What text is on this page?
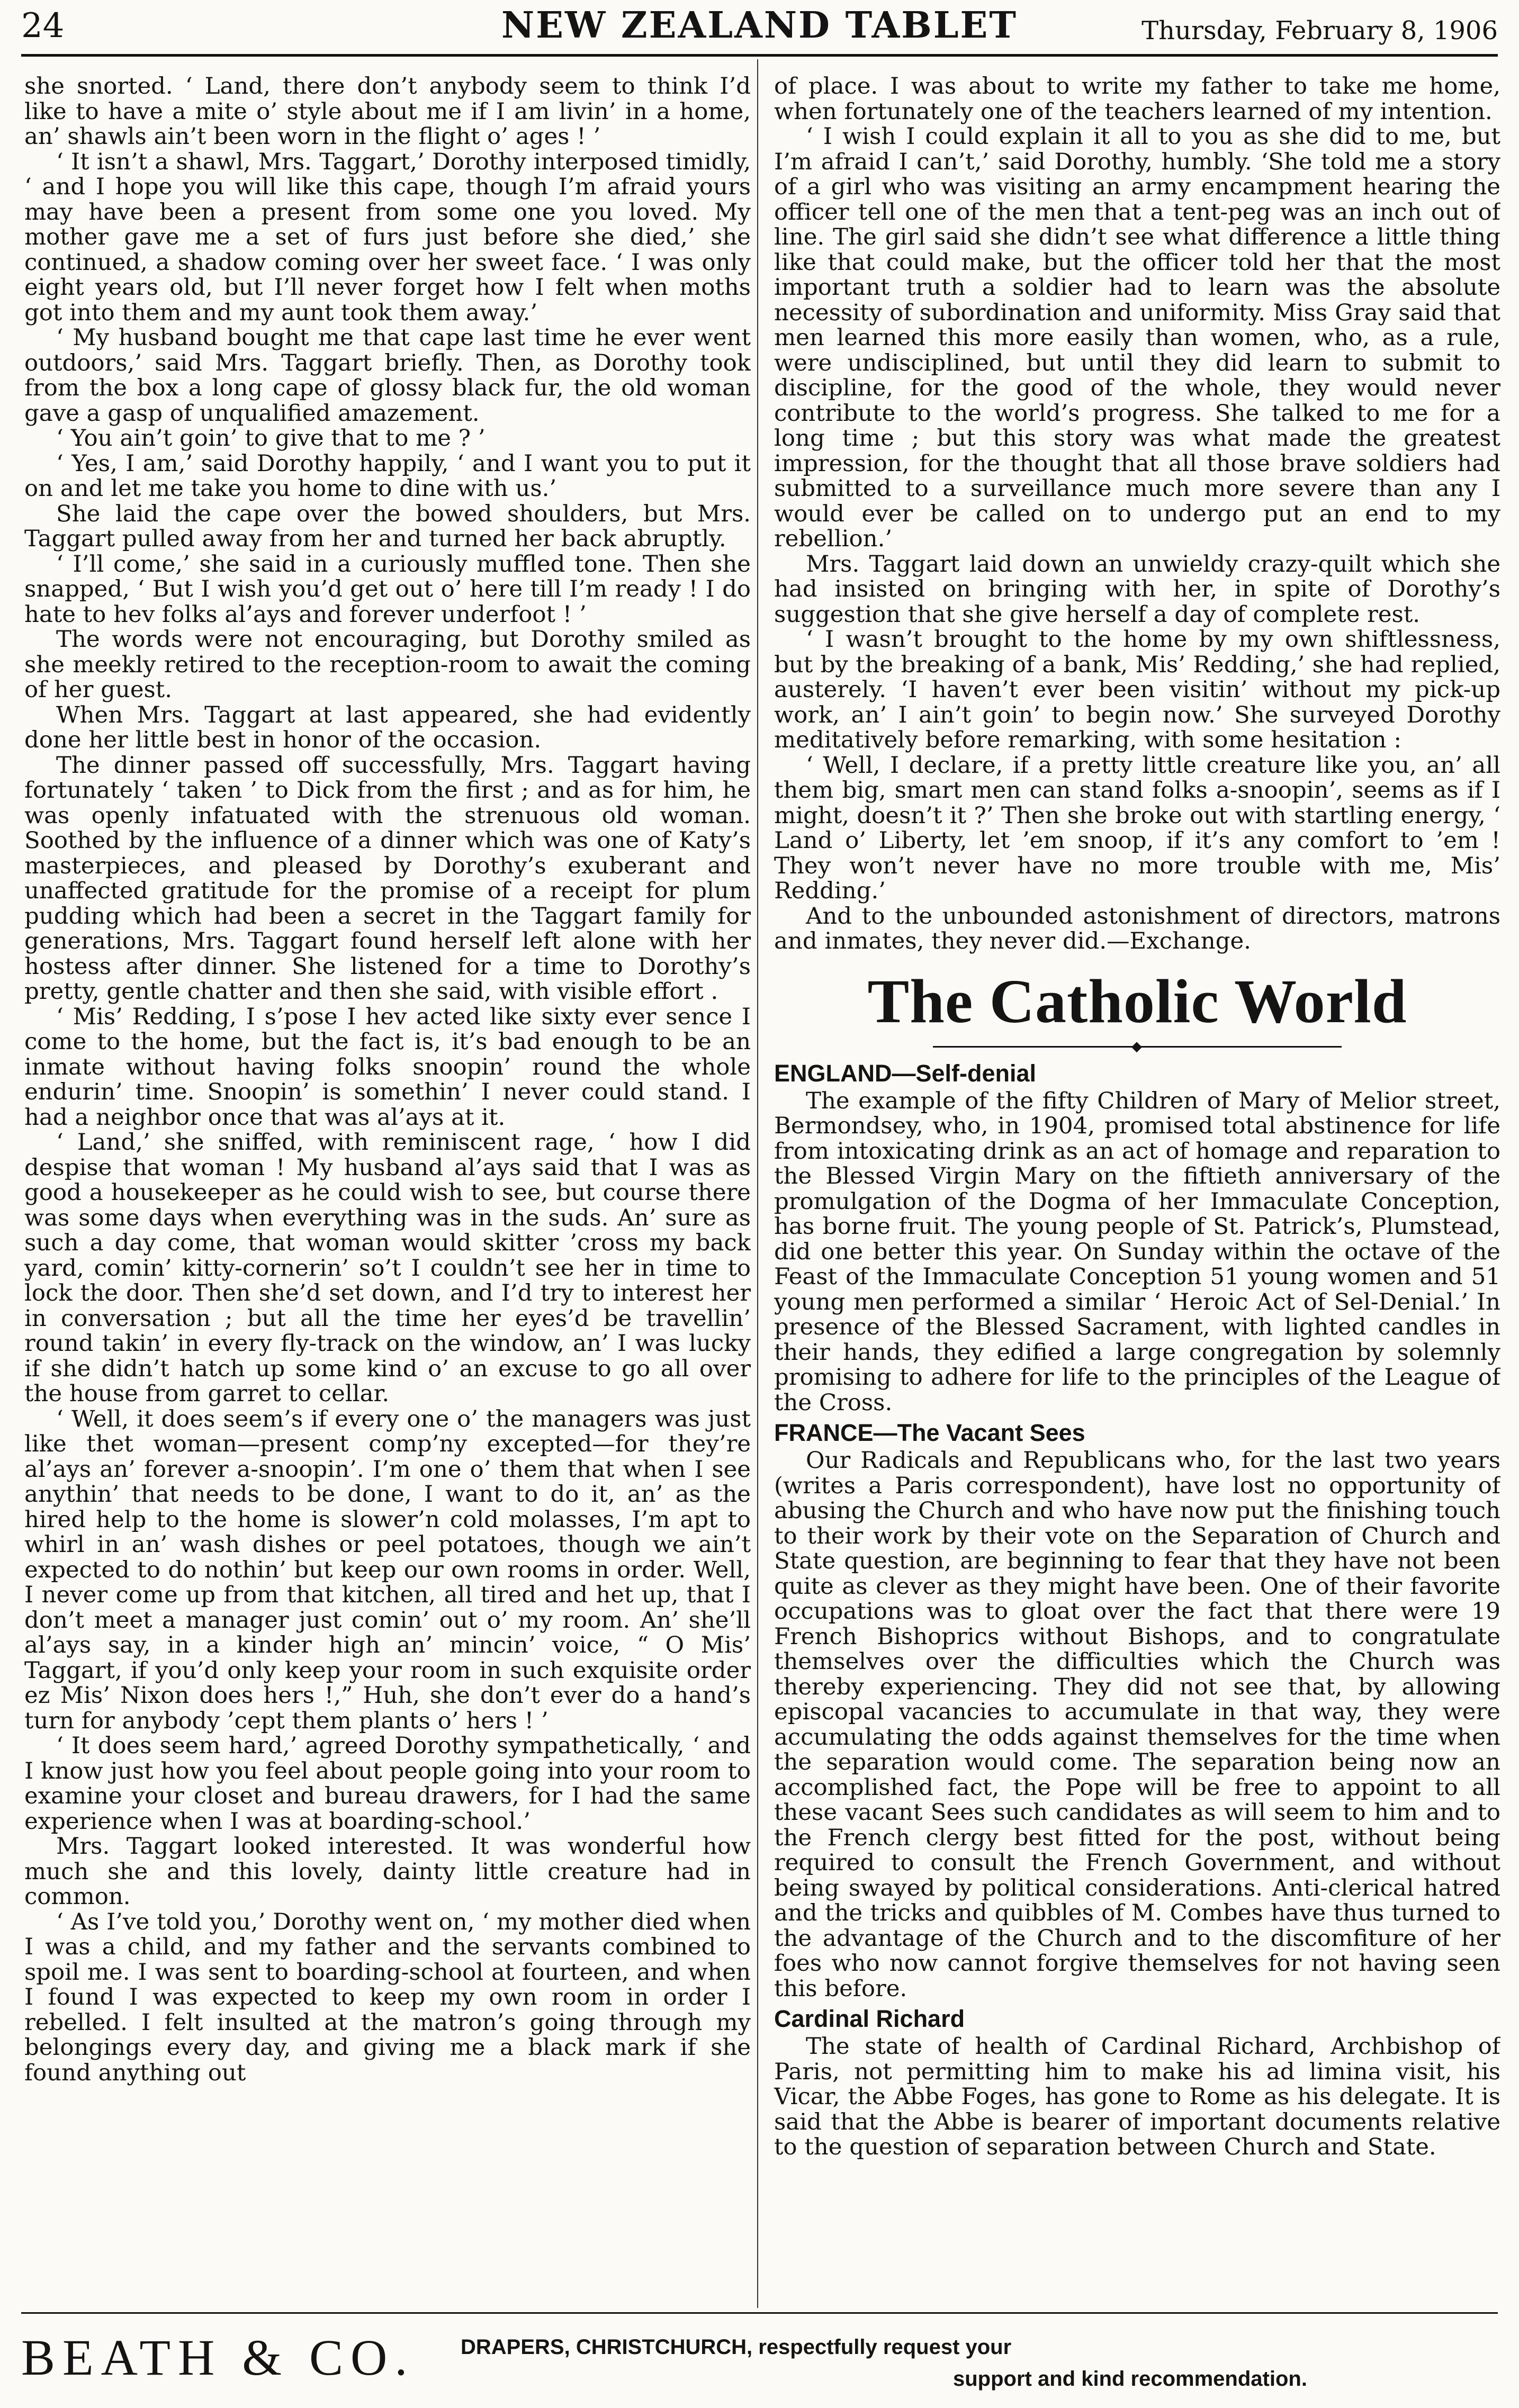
24	NEW ZEALAND TABLET	Thursday, February 8, 1906

she snorted. ‘ Land, there don’t anybody seem to think I’d like to have a mite o’ style about me if I am livin’ in a home, an’ shawls ain’t been worn in the flight o’ ages ! ’

‘ It isn’t a shawl, Mrs. Taggart,’ Dorothy interposed timidly, ‘ and I hope you will like this cape, though I’m afraid yours may have been a present from some one you loved. My mother gave me a set of furs just before she died,’ she continued, a shadow coming over her sweet face. ‘ I was only eight years old, but I’ll never forget how I felt when moths got into them and my aunt took them away.’

‘ My husband bought me that cape last time he ever went outdoors,’ said Mrs. Taggart briefly. Then, as Dorothy took from the box a long cape of glossy black fur, the old woman gave a gasp of unqualified amazement.

‘ You ain’t goin’ to give that to me ? ’

‘ Yes, I am,’ said Dorothy happily, ‘ and I want you to put it on and let me take you home to dine with us.’

She laid the cape over the bowed shoulders, but Mrs. Taggart pulled away from her and turned her back abruptly.

‘ I’ll come,’ she said in a curiously muffled tone. Then she snapped, ‘ But I wish you’d get out o’ here till I’m ready ! I do hate to hev folks al’ays and forever underfoot ! ’

The words were not encouraging, but Dorothy smiled as she meekly retired to the reception-room to await the coming of her guest.

When Mrs. Taggart at last appeared, she had evidently done her little best in honor of the occasion.

The dinner passed off successfully, Mrs. Taggart having fortunately ‘ taken ’ to Dick from the first ; and as for him, he was openly infatuated with the strenuous old woman. Soothed by the influence of a dinner which was one of Katy’s masterpieces, and pleased by Dorothy’s exuberant and unaffected gratitude for the promise of a receipt for plum pudding which had been a secret in the Taggart family for generations, Mrs. Taggart found herself left alone with her hostess after dinner. She listened for a time to Dorothy’s pretty, gentle chatter and then she said, with visible effort .

‘ Mis’ Redding, I s’pose I hev acted like sixty ever sence I come to the home, but the fact is, it’s bad enough to be an inmate without having folks snoopin’ round the whole endurin’ time. Snoopin’ is somethin’ I never could stand. I had a neighbor once that was al’ays at it.

‘ Land,’ she sniffed, with reminiscent rage, ‘ how I did despise that woman ! My husband al’ays said that I was as good a housekeeper as he could wish to see, but course there was some days when everything was in the suds. An’ sure as such a day come, that woman would skitter ’cross my back yard, comin’ kitty-cornerin’ so’t I couldn’t see her in time to lock the door. Then she’d set down, and I’d try to interest her in conversation ; but all the time her eyes’d be travellin’ round takin’ in every fly-track on the window, an’ I was lucky if she didn’t hatch up some kind o’ an excuse to go all over the house from garret to cellar.

‘ Well, it does seem’s if every one o’ the managers was just like thet woman—present comp’ny excepted—for they’re al’ays an’ forever a-snoopin’. I’m one o’ them that when I see anythin’ that needs to be done, I want to do it, an’ as the hired help to the home is slower’n cold molasses, I’m apt to whirl in an’ wash dishes or peel potatoes, though we ain’t expected to do nothin’ but keep our own rooms in order. Well, I never come up from that kitchen, all tired and het up, that I don’t meet a manager just comin’ out o’ my room. An’ she’ll al’ays say, in a kinder high an’ mincin’ voice, “ O Mis’ Taggart, if you’d only keep your room in such exquisite order ez Mis’ Nixon does hers !,” Huh, she don’t ever do a hand’s turn for anybody ’cept them plants o’ hers ! ’

‘ It does seem hard,’ agreed Dorothy sympathetically, ‘ and I know just how you feel about people going into your room to examine your closet and bureau drawers, for I had the same experience when I was at boarding-school.’

Mrs. Taggart looked interested. It was wonderful how much she and this lovely, dainty little creature had in common.

‘ As I’ve told you,’ Dorothy went on, ‘ my mother died when I was a child, and my father and the servants combined to spoil me. I was sent to boarding-school at fourteen, and when I found I was expected to keep my own room in order I rebelled. I felt insulted at the matron’s going through my belongings every day, and giving me a black mark if she found anything out

of place. I was about to write my father to take me home, when fortunately one of the teachers learned of my intention.

‘ I wish I could explain it all to you as she did to me, but I’m afraid I can’t,’ said Dorothy, humbly. ‘She told me a story of a girl who was visiting an army encampment hearing the officer tell one of the men that a tent-peg was an inch out of line. The girl said she didn’t see what difference a little thing like that could make, but the officer told her that the most important truth a soldier had to learn was the absolute necessity of subordination and uniformity. Miss Gray said that men learned this more easily than women, who, as a rule, were undisciplined, but until they did learn to submit to discipline, for the good of the whole, they would never contribute to the world’s progress. She talked to me for a long time ; but this story was what made the greatest impression, for the thought that all those brave soldiers had submitted to a surveillance much more severe than any I would ever be called on to undergo put an end to my rebellion.’

Mrs. Taggart laid down an unwieldy crazy-quilt which she had insisted on bringing with her, in spite of Dorothy’s suggestion that she give herself a day of complete rest.

‘ I wasn’t brought to the home by my own shiftlessness, but by the breaking of a bank, Mis’ Redding,’ she had replied, austerely. ‘I haven’t ever been visitin’ without my pick-up work, an’ I ain’t goin’ to begin now.’ She surveyed Dorothy meditatively before remarking, with some hesitation :

‘ Well, I declare, if a pretty little creature like you, an’ all them big, smart men can stand folks a-snoopin’, seems as if I might, doesn’t it ?’ Then she broke out with startling energy, ‘ Land o’ Liberty, let ’em snoop, if it’s any comfort to ’em ! They won’t never have no more trouble with me, Mis’ Redding.’

And to the unbounded astonishment of directors, matrons and inmates, they never did.—Exchange.

The Catholic World
◆
ENGLAND—Self-denial

The example of the fifty Children of Mary of Melior street, Bermondsey, who, in 1904, promised total abstinence for life from intoxicating drink as an act of homage and reparation to the Blessed Virgin Mary on the fiftieth anniversary of the promulgation of the Dogma of her Immaculate Conception, has borne fruit. The young people of St. Patrick’s, Plumstead, did one better this year. On Sunday within the octave of the Feast of the Immaculate Conception 51 young women and 51 young men performed a similar ‘ Heroic Act of Sel-Denial.’ In presence of the Blessed Sacrament, with lighted candles in their hands, they edified a large congregation by solemnly promising to adhere for life to the principles of the League of the Cross.

FRANCE—The Vacant Sees

Our Radicals and Republicans who, for the last two years (writes a Paris correspondent), have lost no opportunity of abusing the Church and who have now put the finishing touch to their work by their vote on the Separation of Church and State question, are beginning to fear that they have not been quite as clever as they might have been. One of their favorite occupations was to gloat over the fact that there were 19 French Bishoprics without Bishops, and to congratulate themselves over the difficulties which the Church was thereby experiencing. They did not see that, by allowing episcopal vacancies to accumulate in that way, they were accumulating the odds against themselves for the time when the separation would come. The separation being now an accomplished fact, the Pope will be free to appoint to all these vacant Sees such candidates as will seem to him and to the French clergy best fitted for the post, without being required to consult the French Government, and without being swayed by political considerations. Anti-clerical hatred and the tricks and quibbles of M. Combes have thus turned to the advantage of the Church and to the discomfiture of her foes who now cannot forgive themselves for not having seen this before.

Cardinal Richard

The state of health of Cardinal Richard, Archbishop of Paris, not permitting him to make his ad limina visit, his Vicar, the Abbe Foges, has gone to Rome as his delegate. It is said that the Abbe is bearer of important documents relative to the question of separation between Church and State.

BEATH & CO. DRAPERS, CHRISTCHURCH, respectfully request your
support and kind recommendation.
